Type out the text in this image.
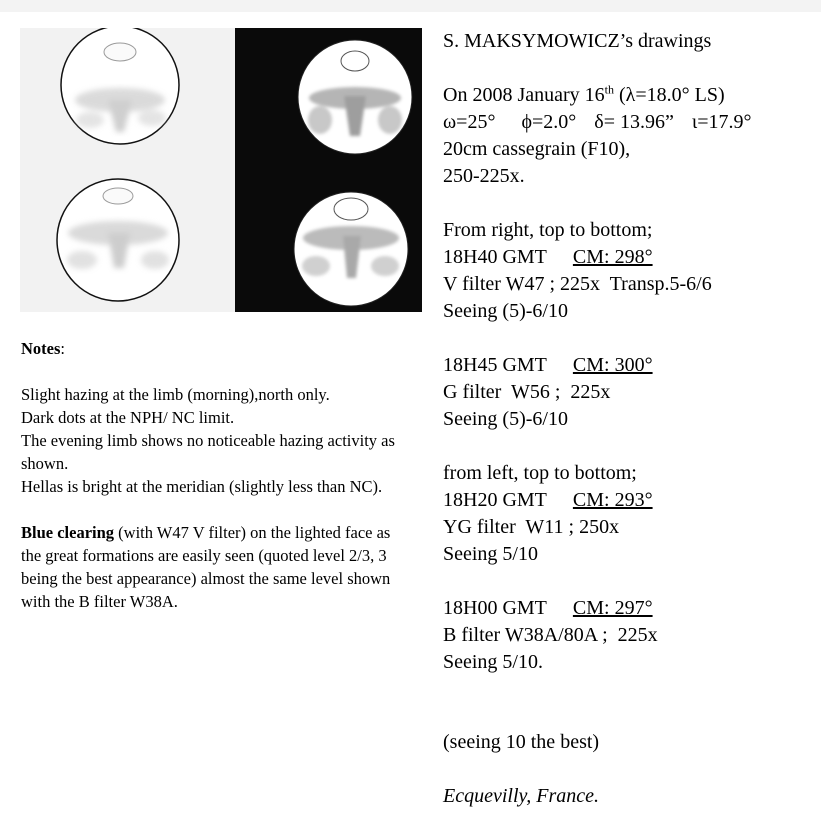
Notes:

Slight hazing at the limb (morning),north only.

Dark dots at the NPH/ NC limit.

The evening limb shows no noticeable hazing activity as shown.

Hellas is bright at the meridian (slightly less than NC).

Blue clearing (with W47 V filter) on the lighted face as the great formations are easily seen (quoted level 2/3, 3 being the best appearance) almost the same level shown with the B filter W38A.

S. MAKSYMOWICZ’s drawings
On 2008 January 16th (λ=18.0° LS)
ω=25° ϕ=2.0° δ= 13.96” ι=17.9°
20cm cassegrain (F10),
250-225x.
From right, top to bottom;
18H40 GMT CM: 298°
V filter W47 ; 225x  Transp.5-6/6
Seeing (5)-6/10
18H45 GMT CM: 300°
G filter  W56 ;  225x
Seeing (5)-6/10
from left, top to bottom;
18H20 GMT CM: 293°
YG filter  W11 ; 250x
Seeing 5/10
18H00 GMT CM: 297°
B filter W38A/80A ;  225x
Seeing 5/10.
(seeing 10 the best)
Ecquevilly, France.
